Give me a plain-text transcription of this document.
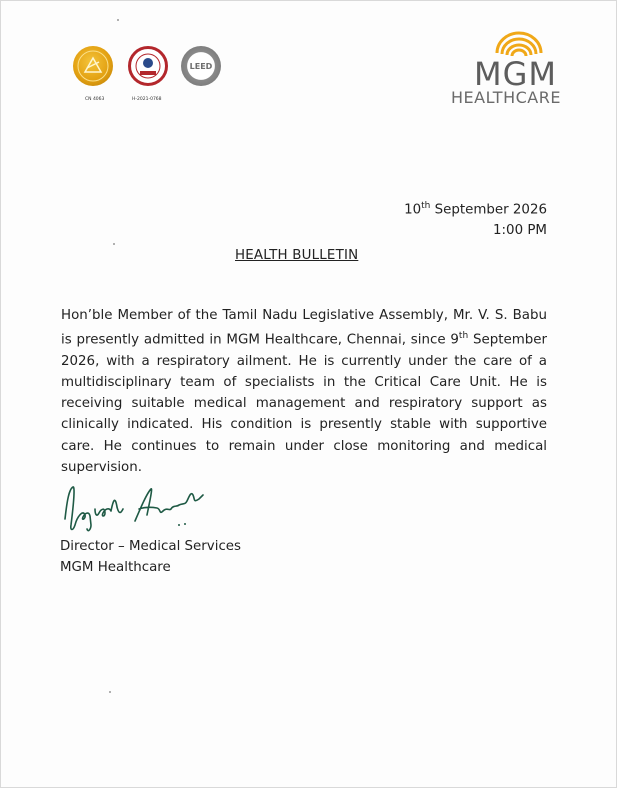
LEED
CN 4063	H-2021-0768
MGM
HEALTHCARE
10th September 2026
1:00 PM
HEALTH BULLETIN
Hon’ble Member of the Tamil Nadu Legislative Assembly, Mr. V. S. Babu is presently admitted in MGM Healthcare, Chennai, since 9th September 2026, with a respiratory ailment. He is currently under the care of a multidisciplinary team of specialists in the Critical Care Unit. He is receiving suitable medical management and respiratory support as clinically indicated. His condition is presently stable with supportive care. He continues to remain under close monitoring and medical supervision.
Director – Medical Services
MGM Healthcare
